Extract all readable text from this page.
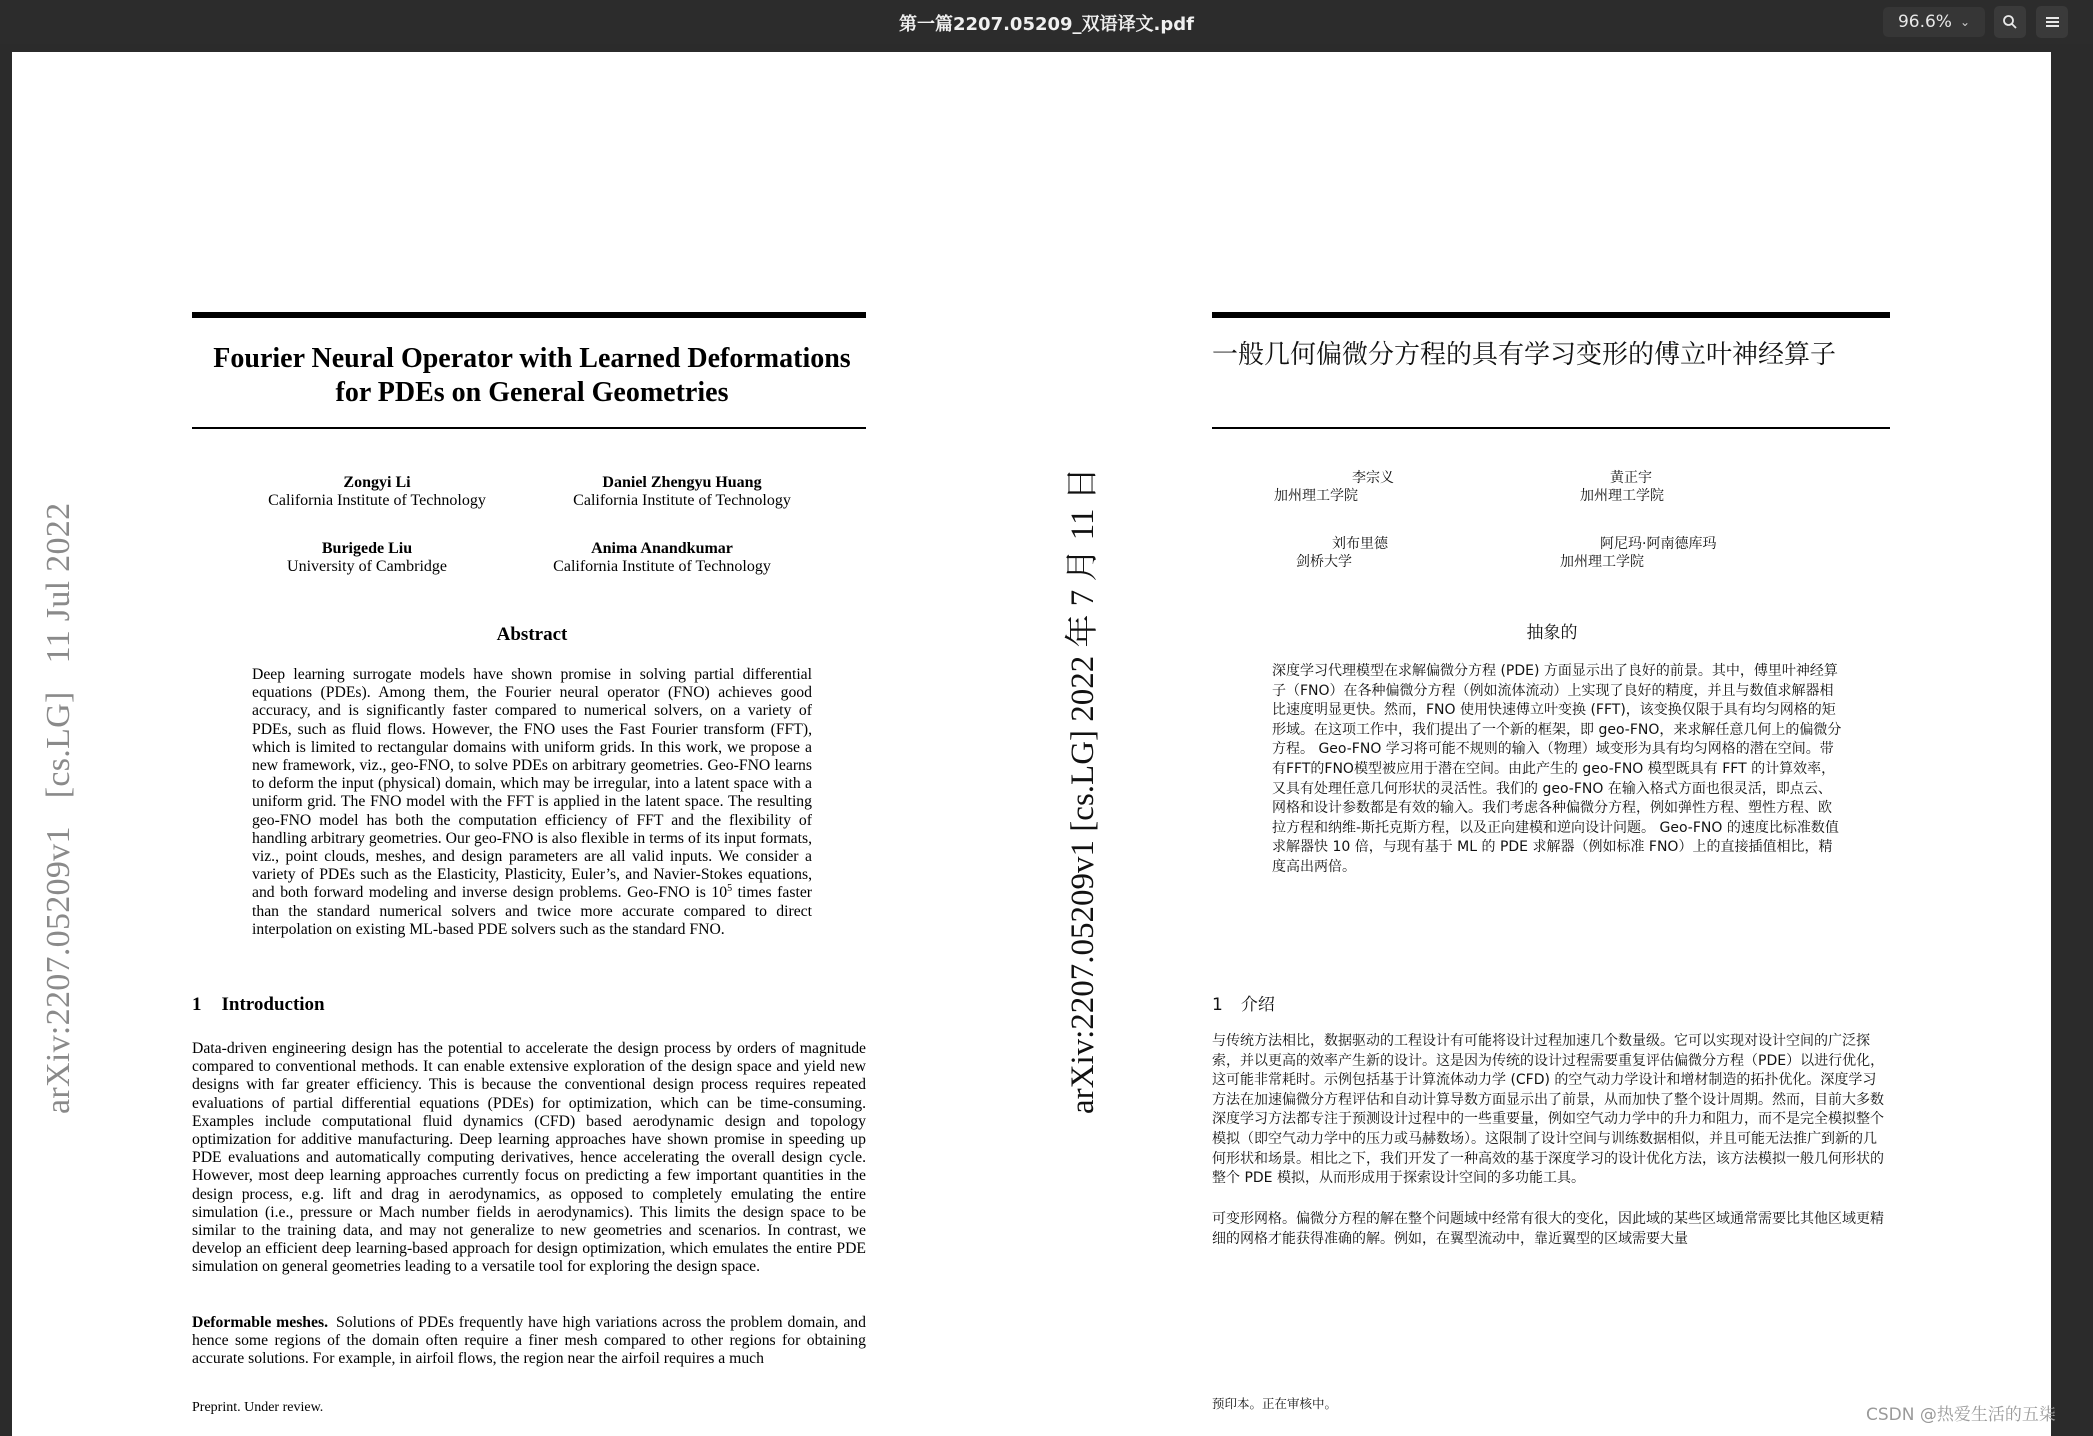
第一篇2207.05209_双语译文.pdf	96.6% ⌄
arXiv:2207.05209v1[cs.LG]11 Jul 2022
Fourier Neural Operator with Learned Deformations for PDEs on General Geometries
Zongyi Li
California Institute of Technology
Daniel Zhengyu Huang
California Institute of Technology
Burigede Liu
University of Cambridge
Anima Anandkumar
California Institute of Technology
Abstract
Deep learning surrogate models have shown promise in solving partial differential equations (PDEs). Among them, the Fourier neural operator (FNO) achieves good accuracy, and is significantly faster compared to numerical solvers, on a variety of PDEs, such as fluid flows. However, the FNO uses the Fast Fourier transform (FFT), which is limited to rectangular domains with uniform grids. In this work, we propose a new framework, viz., geo-FNO, to solve PDEs on arbitrary geometries. Geo-FNO learns to deform the input (physical) domain, which may be irregular, into a latent space with a uniform grid. The FNO model with the FFT is applied in the latent space. The resulting geo-FNO model has both the computation efficiency of FFT and the flexibility of handling arbitrary geometries. Our geo-FNO is also flexible in terms of its input formats, viz., point clouds, meshes, and design parameters are all valid inputs. We consider a variety of PDEs such as the Elasticity, Plasticity, Euler’s, and Navier-Stokes equations, and both forward modeling and inverse design problems. Geo-FNO is $10^5$ times faster than the standard numerical solvers and twice more accurate compared to direct interpolation on existing ML-based PDE solvers such as the standard FNO.
1 Introduction
Data-driven engineering design has the potential to accelerate the design process by orders of magnitude compared to conventional methods. It can enable extensive exploration of the design space and yield new designs with far greater efficiency. This is because the conventional design process requires repeated evaluations of partial differential equations (PDEs) for optimization, which can be time-consuming. Examples include computational fluid dynamics (CFD) based aerodynamic design and topology optimization for additive manufacturing. Deep learning approaches have shown promise in speeding up PDE evaluations and automatically computing derivatives, hence accelerating the overall design cycle. However, most deep learning approaches currently focus on predicting a few important quantities in the design process, e.g. lift and drag in aerodynamics, as opposed to completely emulating the entire simulation (i.e., pressure or Mach number fields in aerodynamics). This limits the design space to be similar to the training data, and may not generalize to new geometries and scenarios. In contrast, we develop an efficient deep learning-based approach for design optimization, which emulates the entire PDE simulation on general geometries leading to a versatile tool for exploring the design space.
Deformable meshes. Solutions of PDEs frequently have high variations across the problem domain, and hence some regions of the domain often require a finer mesh compared to other regions for obtaining accurate solutions. For example, in airfoil flows, the region near the airfoil requires a much
Preprint. Under review.
arXiv:2207.05209v1 [cs.LG] 2022 年 7 月 11 日
一般几何偏微分方程的具有学习变形的傅立叶神经算子
李宗义
加州理工学院
黄正宇
加州理工学院
刘布里德
剑桥大学
阿尼玛·阿南德库玛
加州理工学院
抽象的
深度学习代理模型在求解偏微分方程 (PDE) 方面显示出了良好的前景。其中，傅里叶神经算子（FNO）在各种偏微分方程（例如流体流动）上实现了良好的精度，并且与数值求解器相比速度明显更快。然而，FNO 使用快速傅立叶变换 (FFT)，该变换仅限于具有均匀网格的矩形域。在这项工作中，我们提出了一个新的框架，即 geo-FNO，来求解任意几何上的偏微分方程。 Geo-FNO 学习将可能不规则的输入（物理）域变形为具有均匀网格的潜在空间。带有FFT的FNO模型被应用于潜在空间。由此产生的 geo-FNO 模型既具有 FFT 的计算效率，又具有处理任意几何形状的灵活性。我们的 geo-FNO 在输入格式方面也很灵活，即点云、网格和设计参数都是有效的输入。我们考虑各种偏微分方程，例如弹性方程、塑性方程、欧拉方程和纳维-斯托克斯方程，以及正向建模和逆向设计问题。 Geo-FNO 的速度比标准数值求解器快 10 倍，与现有基于 ML 的 PDE 求解器（例如标准 FNO）上的直接插值相比，精度高出两倍。
1 介绍
与传统方法相比，数据驱动的工程设计有可能将设计过程加速几个数量级。它可以实现对设计空间的广泛探索，并以更高的效率产生新的设计。这是因为传统的设计过程需要重复评估偏微分方程（PDE）以进行优化，这可能非常耗时。示例包括基于计算流体动力学 (CFD) 的空气动力学设计和增材制造的拓扑优化。深度学习方法在加速偏微分方程评估和自动计算导数方面显示出了前景，从而加快了整个设计周期。然而，目前大多数深度学习方法都专注于预测设计过程中的一些重要量，例如空气动力学中的升力和阻力，而不是完全模拟整个模拟（即空气动力学中的压力或马赫数场）。这限制了设计空间与训练数据相似，并且可能无法推广到新的几何形状和场景。相比之下，我们开发了一种高效的基于深度学习的设计优化方法，该方法模拟一般几何形状的整个 PDE 模拟，从而形成用于探索设计空间的多功能工具。
可变形网格。偏微分方程的解在整个问题域中经常有很大的变化，因此域的某些区域通常需要比其他区域更精细的网格才能获得准确的解。例如，在翼型流动中，靠近翼型的区域需要大量
预印本。正在审核中。
CSDN @热爱生活的五柒
